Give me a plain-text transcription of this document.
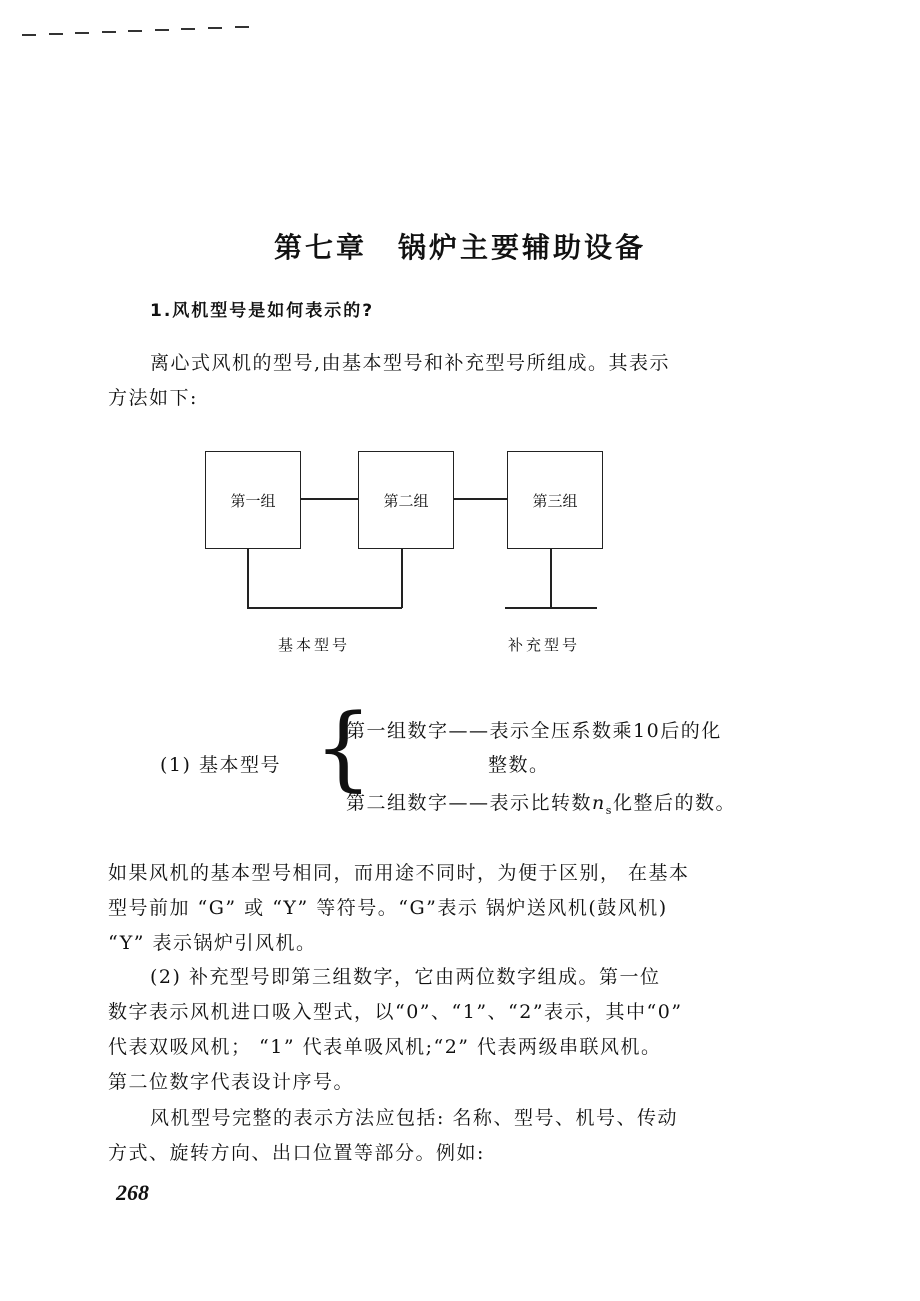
第七章　锅炉主要辅助设备
1.风机型号是如何表示的?
离心式风机的型号,由基本型号和补充型号所组成。其表示
方法如下:
第一组	第二组	第三组
基本型号	补充型号
(1) 基本型号 {
第一组数字——表示全压系数乘10后的化
整数。
第二组数字——表示比转数$n_s$化整后的数。
如果风机的基本型号相同，而用途不同时，为便于区别， 在基本
型号前加 “G” 或 “Y” 等符号。“G”表示 锅炉送风机(鼓风机)
“Y” 表示锅炉引风机。
(2) 补充型号即第三组数字，它由两位数字组成。第一位
数字表示风机进口吸入型式，以“0”、“1”、“2”表示，其中“0”
代表双吸风机； “1” 代表单吸风机;“2” 代表两级串联风机。
第二位数字代表设计序号。
风机型号完整的表示方法应包括: 名称、型号、机号、传动
方式、旋转方向、出口位置等部分。例如:
268
